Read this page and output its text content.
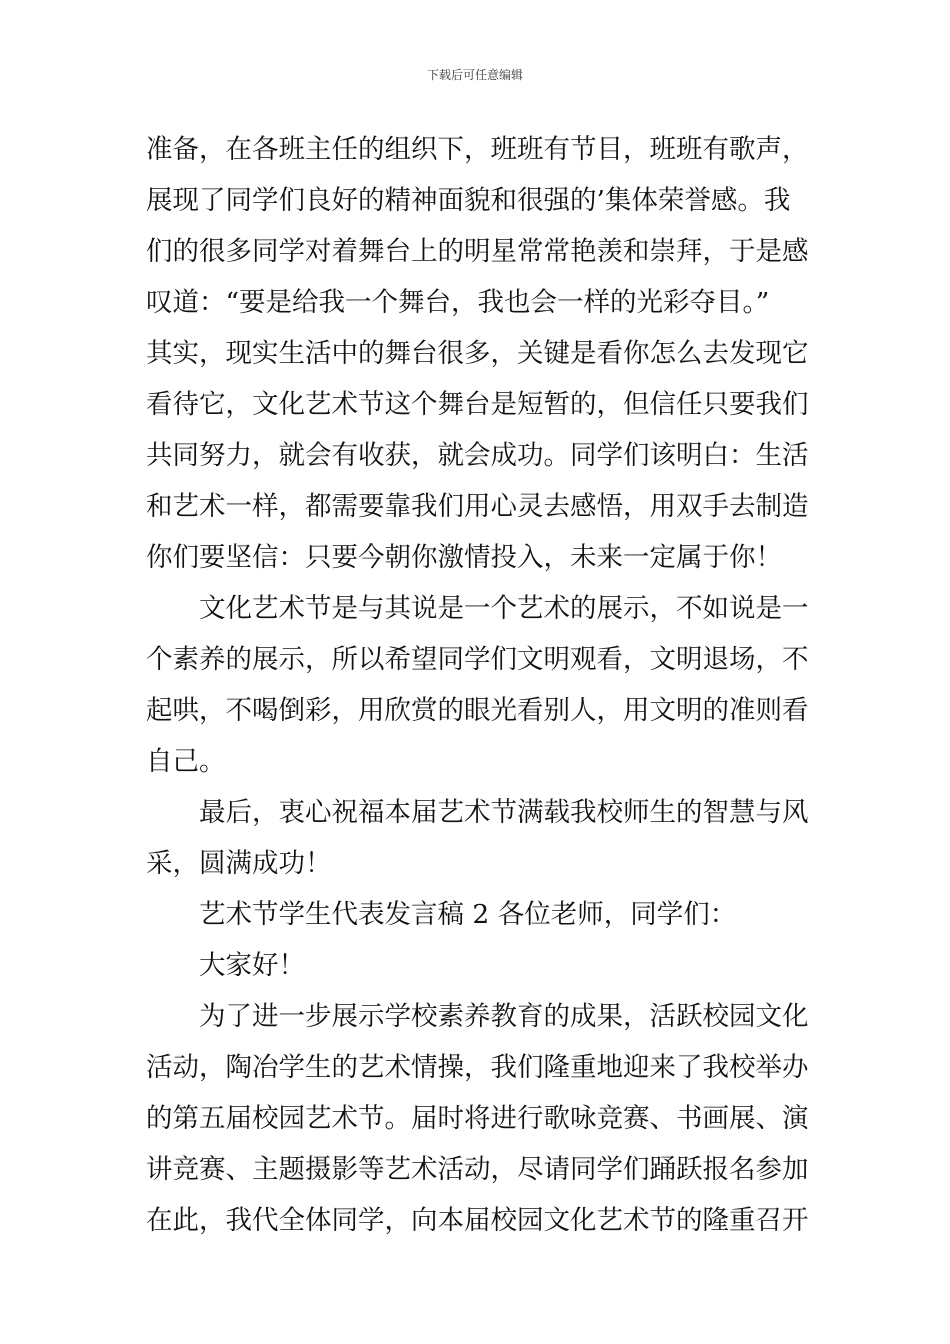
下载后可任意编辑
准备，在各班主任的组织下，班班有节目，班班有歌声，
展现了同学们良好的精神面貌和很强的’集体荣誉感。我
们的很多同学对着舞台上的明星常常艳羡和崇拜，于是感
叹道：“要是给我一个舞台，我也会一样的光彩夺目。”
其实，现实生活中的舞台很多，关键是看你怎么去发现它
看待它，文化艺术节这个舞台是短暂的，但信任只要我们
共同努力，就会有收获，就会成功。同学们该明白：生活
和艺术一样，都需要靠我们用心灵去感悟，用双手去制造
你们要坚信：只要今朝你激情投入，未来一定属于你！
文化艺术节是与其说是一个艺术的展示，不如说是一
个素养的展示，所以希望同学们文明观看，文明退场，不
起哄，不喝倒彩，用欣赏的眼光看别人，用文明的准则看
自己。
最后，衷心祝福本届艺术节满载我校师生的智慧与风
采，圆满成功！
艺术节学生代表发言稿 2 各位老师，同学们：
大家好！
为了进一步展示学校素养教育的成果，活跃校园文化
活动，陶冶学生的艺术情操，我们隆重地迎来了我校举办
的第五届校园艺术节。届时将进行歌咏竞赛、书画展、演
讲竞赛、主题摄影等艺术活动，尽请同学们踊跃报名参加
在此，我代全体同学，向本届校园文化艺术节的隆重召开
